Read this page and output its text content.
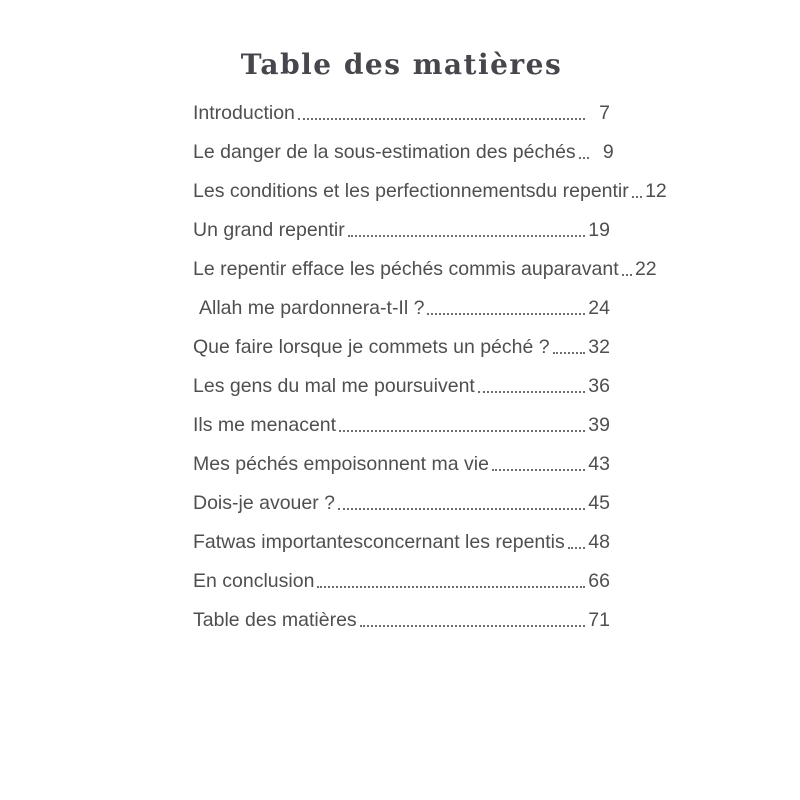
Table des matières
Introduction	7
Le danger de la sous-estimation des péchés	9
Les conditions et les perfectionnementsdu repentir 12
Un grand repentir	19
Le repentir efface les péchés commis auparavant 22
Allah me pardonnera-t-Il ?	24
Que faire lorsque je commets un péché ? 32
Les gens du mal me poursuivent	36
Ils me menacent	39
Mes péchés empoisonnent ma vie	43
Dois-je avouer ?	45
Fatwas importantesconcernant les repentis 48
En conclusion	66
Table des matières	71
